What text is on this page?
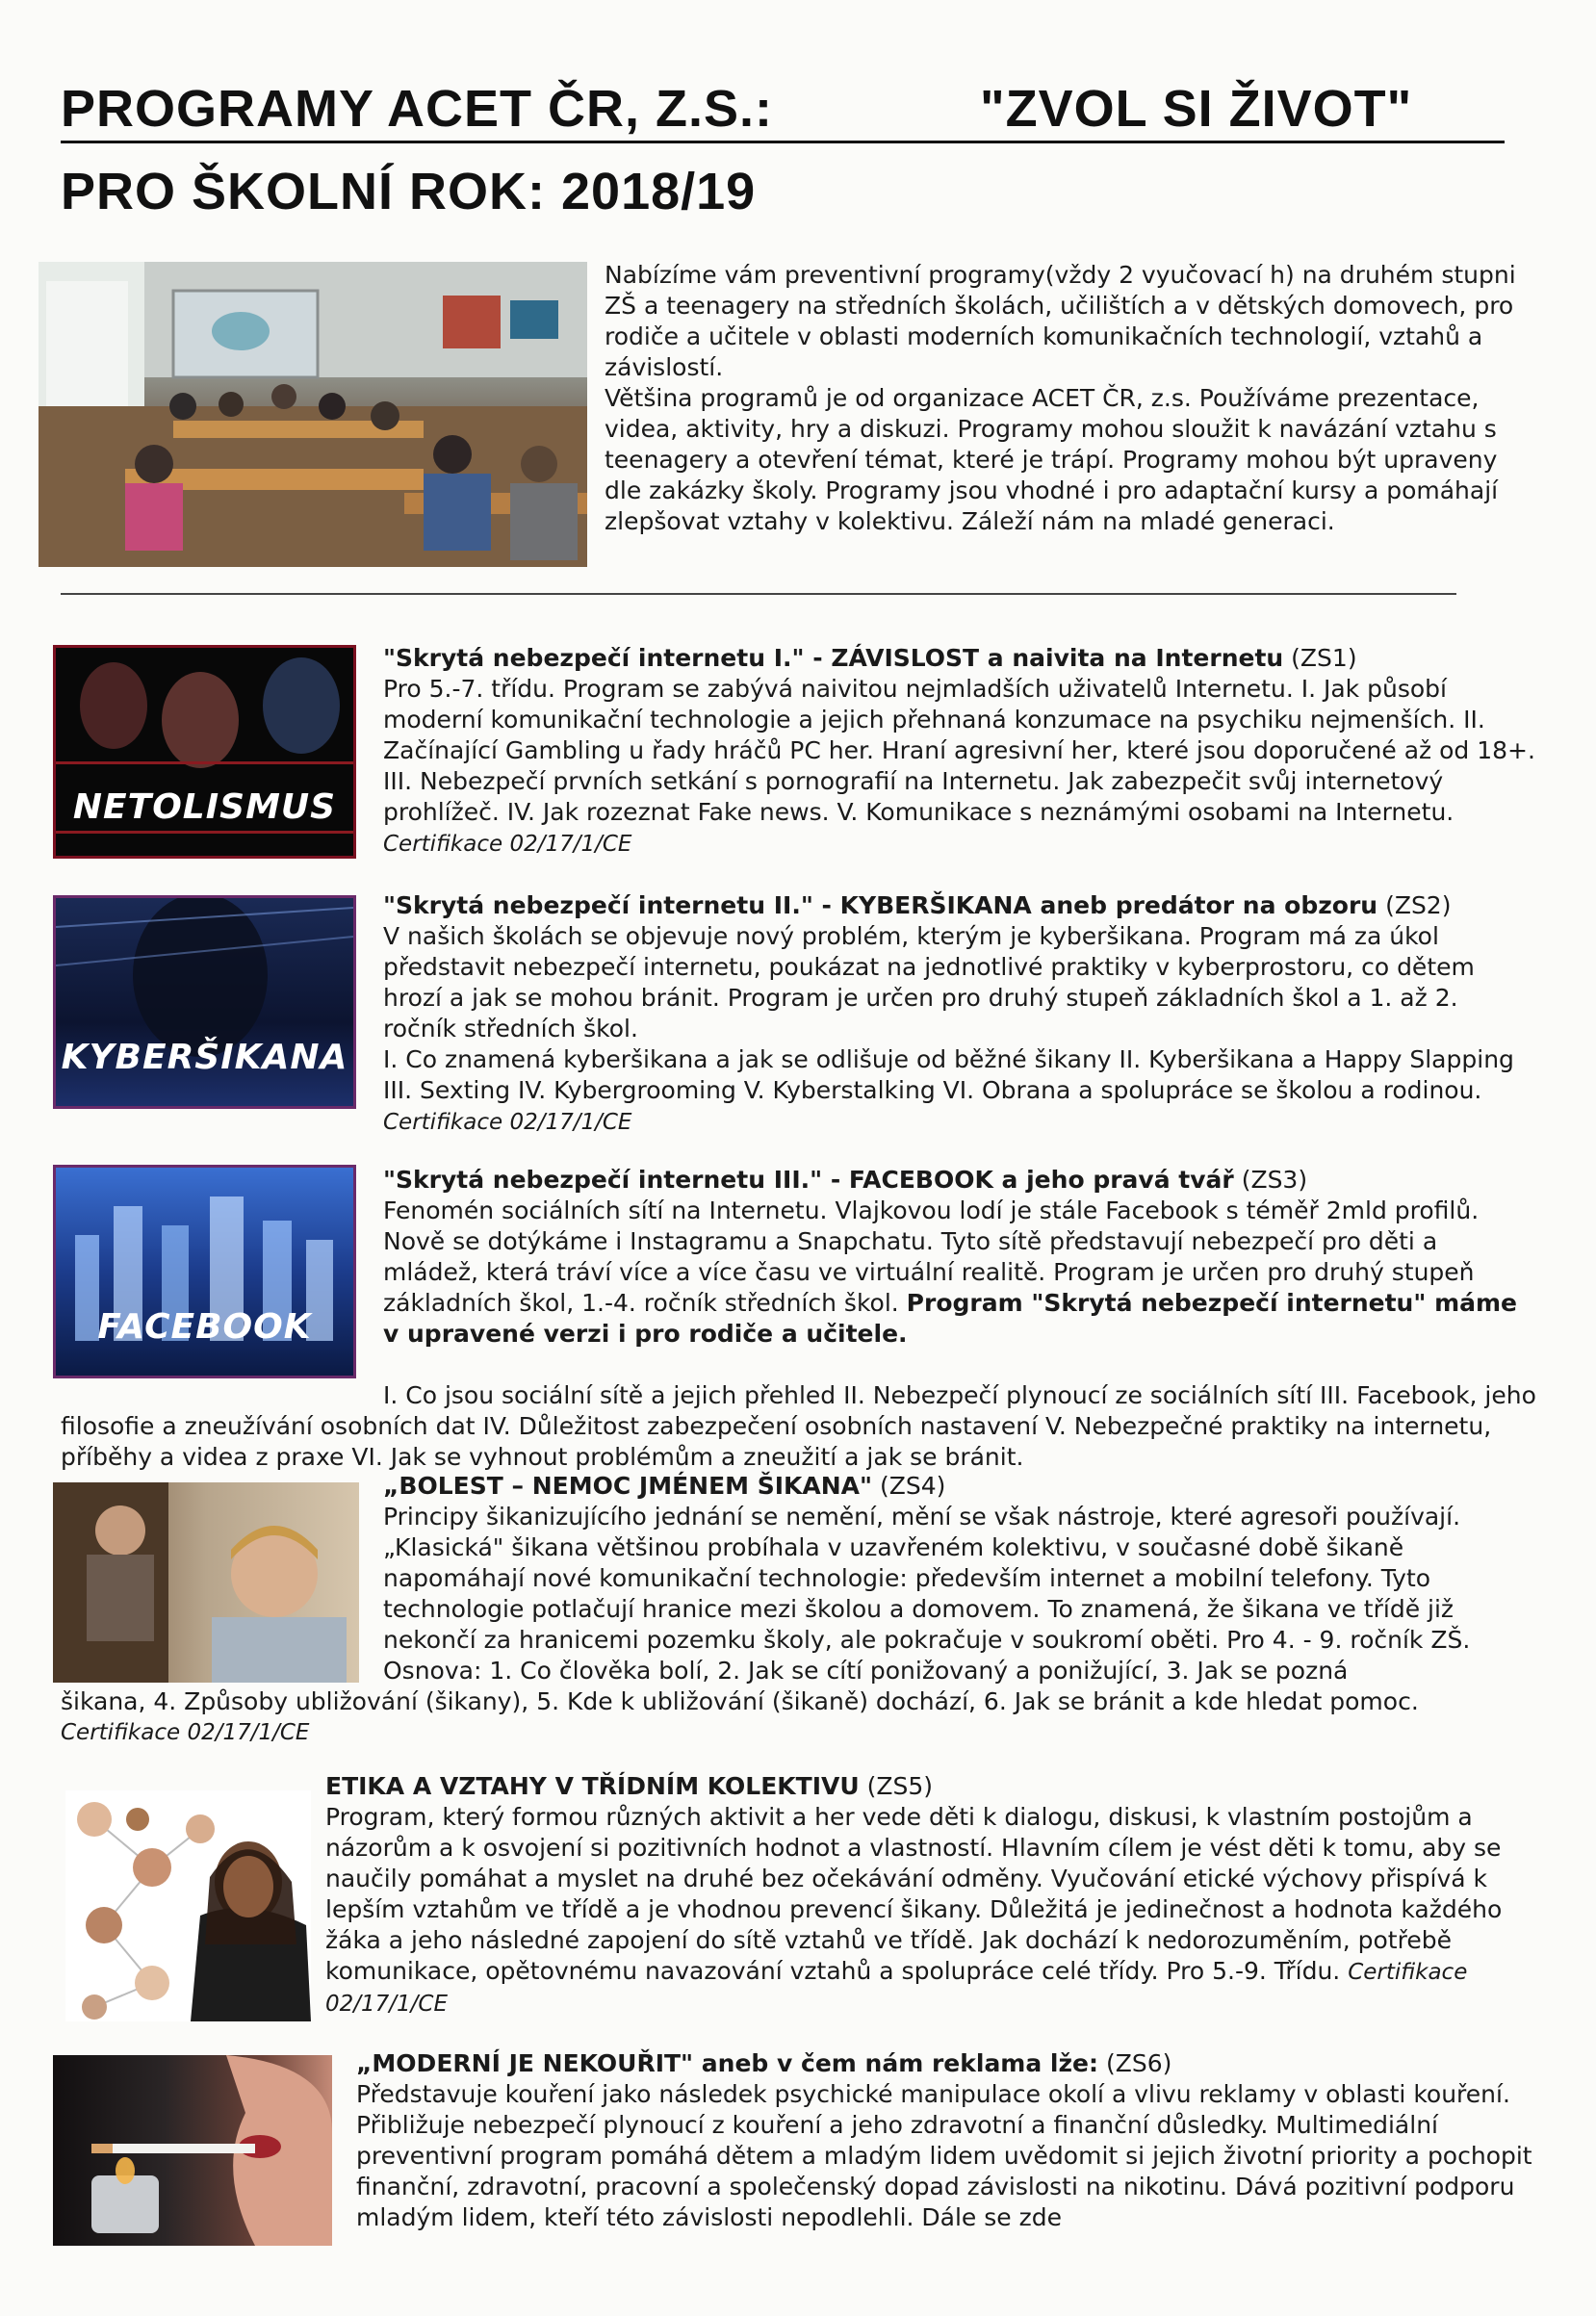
PROGRAMY ACET ČR, Z.S.:	"ZVOL SI ŽIVOT"
PRO ŠKOLNÍ ROK: 2018/19

Nabízíme vám preventivní programy(vždy 2 vyučovací h) na druhém stupni ZŠ a teenagery na středních školách, učilištích a v dětských domovech, pro rodiče a učitele v oblasti moderních komunikačních technologií, vztahů a závislostí.

Většina programů je od organizace ACET ČR, z.s. Používáme prezentace, videa, aktivity, hry a diskuzi. Programy mohou sloužit k navázání vztahu s teenagery a otevření témat, které je trápí. Programy mohou být upraveny dle zakázky školy. Programy jsou vhodné i pro adaptační kursy a pomáhají zlepšovat vztahy v kolektivu. Záleží nám na mladé generaci.

NETOLISMUS

"Skrytá nebezpečí internetu I." - ZÁVISLOST a naivita na Internetu (ZS1)

Pro 5.-7. třídu. Program se zabývá naivitou nejmladších uživatelů Internetu. I. Jak působí moderní komunikační technologie a jejich přehnaná konzumace na psychiku nejmenších. II. Začínající Gambling u řady hráčů PC her. Hraní agresivní her, které jsou doporučené až od 18+. III. Nebezpečí prvních setkání s pornografií na Internetu. Jak zabezpečit svůj internetový prohlížeč. IV. Jak rozeznat Fake news. V. Komunikace s neznámými osobami na Internetu. Certifikace 02/17/1/CE

KYBERŠIKANA

"Skrytá nebezpečí internetu II." - KYBERŠIKANA aneb predátor na obzoru (ZS2)

V našich školách se objevuje nový problém, kterým je kyberšikana. Program má za úkol představit nebezpečí internetu, poukázat na jednotlivé praktiky v kyberprostoru, co dětem hrozí a jak se mohou bránit. Program je určen pro druhý stupeň základních škol a 1. až 2. ročník středních škol.

I. Co znamená kyberšikana a jak se odlišuje od běžné šikany II. Kyberšikana a Happy Slapping III. Sexting IV. Kybergrooming V. Kyberstalking VI. Obrana a spolupráce se školou a rodinou. Certifikace 02/17/1/CE

FACEBOOK

"Skrytá nebezpečí internetu III." - FACEBOOK a jeho pravá tvář (ZS3)

Fenomén sociálních sítí na Internetu. Vlajkovou lodí je stále Facebook s téměř 2mld profilů. Nově se dotýkáme i Instagramu a Snapchatu. Tyto sítě představují nebezpečí pro děti a mládež, která tráví více a více času ve virtuální realitě. Program je určen pro druhý stupeň základních škol, 1.-4. ročník středních škol. Program "Skrytá nebezpečí internetu" máme v upravené verzi i pro rodiče a učitele.

I. Co jsou sociální sítě a jejich přehled II. Nebezpečí plynoucí ze sociálních sítí III. Facebook, jeho filosofie a zneužívání osobních dat IV. Důležitost zabezpečení osobních nastavení V. Nebezpečné praktiky na internetu, příběhy a videa z praxe VI. Jak se vyhnout problémům a zneužití a jak se bránit.

„BOLEST – NEMOC JMÉNEM ŠIKANA" (ZS4)

Principy šikanizujícího jednání se nemění, mění se však nástroje, které agresoři používají. „Klasická" šikana většinou probíhala v uzavřeném kolektivu, v současné době šikaně napomáhají nové komunikační technologie: především internet a mobilní telefony. Tyto technologie potlačují hranice mezi školou a domovem. To znamená, že šikana ve třídě již nekončí za hranicemi pozemku školy, ale pokračuje v soukromí oběti. Pro 4. - 9. ročník ZŠ. Osnova: 1. Co člověka bolí, 2. Jak se cítí ponižovaný a ponižující, 3. Jak se pozná

šikana, 4. Způsoby ubližování (šikany), 5. Kde k ubližování (šikaně) dochází, 6. Jak se bránit a kde hledat pomoc.

Certifikace 02/17/1/CE

ETIKA A VZTAHY V TŘÍDNÍM KOLEKTIVU (ZS5)

Program, který formou různých aktivit a her vede děti k dialogu, diskusi, k vlastním postojům a názorům a k osvojení si pozitivních hodnot a vlastností. Hlavním cílem je vést děti k tomu, aby se naučily pomáhat a myslet na druhé bez očekávání odměny. Vyučování etické výchovy přispívá k lepším vztahům ve třídě a je vhodnou prevencí šikany. Důležitá je jedinečnost a hodnota každého žáka a jeho následné zapojení do sítě vztahů ve třídě. Jak dochází k nedorozuměním, potřebě komunikace, opětovnému navazování vztahů a spolupráce celé třídy. Pro 5.-9. Třídu. Certifikace 02/17/1/CE

„MODERNÍ JE NEKOUŘIT" aneb v čem nám reklama lže: (ZS6)

Představuje kouření jako následek psychické manipulace okolí a vlivu reklamy v oblasti kouření. Přibližuje nebezpečí plynoucí z kouření a jeho zdravotní a finanční důsledky. Multimediální preventivní program pomáhá dětem a mladým lidem uvědomit si jejich životní priority a pochopit finanční, zdravotní, pracovní a společenský dopad závislosti na nikotinu. Dává pozitivní podporu mladým lidem, kteří této závislosti nepodlehli. Dále se zde
